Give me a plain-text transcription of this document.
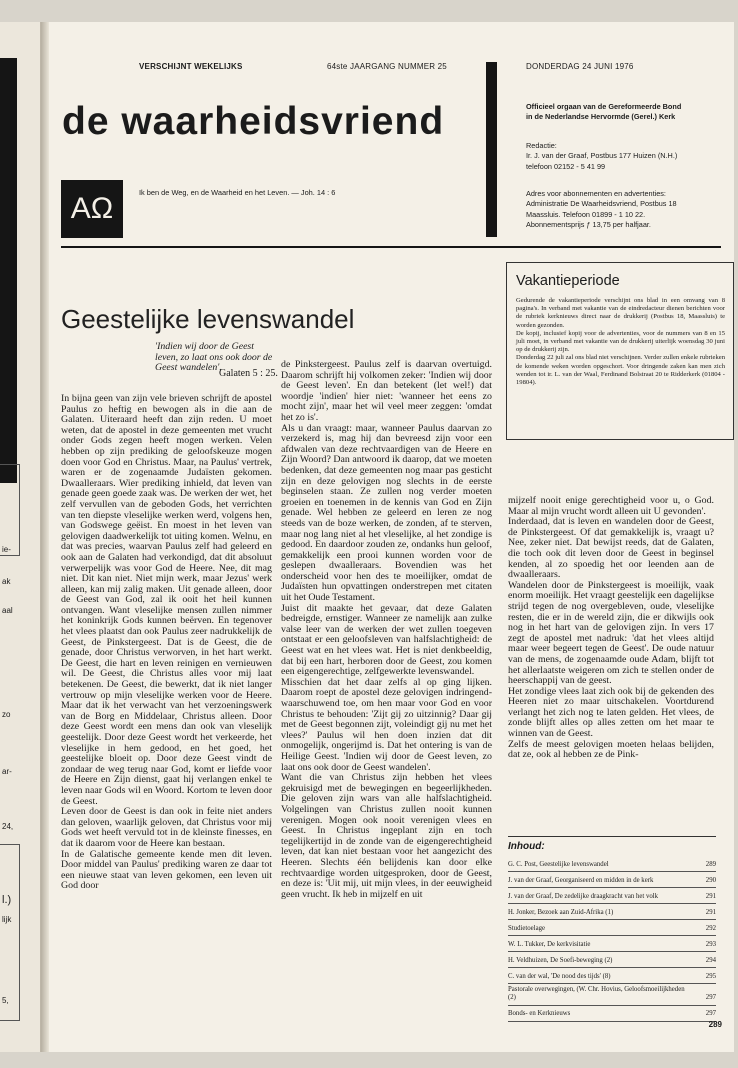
ie-
ak
aal
zo
ar-
24,
l.)
lijk
5,
VERSCHIJNT WEKELIJKS	64ste JAARGANG NUMMER 25	DONDERDAG 24 JUNI 1976
de waarheidsvriend
AΩ	Ik ben de Weg, en de Waarheid en het Leven. — Joh. 14 : 6
Officieel orgaan van de Gereformeerde Bond
in de Nederlandse Hervormde (Gerel.) Kerk
Redactie:
Ir. J. van der Graaf, Postbus 177 Huizen (N.H.)
telefoon 02152 - 5 41 99
Adres voor abonnementen en advertenties:
Administratie De Waarheidsvriend, Postbus 18
Maassluis. Telefoon 01899 - 1 10 22.
Abonnementsprijs ƒ 13,75 per halfjaar.
Vakantieperiode

Gedurende de vakantieperiode verschijnt ons blad in een omvang van 8 pagina's. In verband met vakantie van de eindredacteur dienen berichten voor de rubriek kerknieuws direct naar de drukkerij (Postbus 18, Maassluis) te worden gezonden.

De kopij, inclusief kopij voor de advertenties, voor de nummers van 8 en 15 juli moet, in verband met vakantie van de drukkerij uiterlijk woensdag 30 juni op de drukkerij zijn.

Donderdag 22 juli zal ons blad niet verschijnen. Verder zullen enkele rubrieken de komende weken worden opgeschort. Voor dringende zaken kan men zich wenden tot ir. L. van der Waal, Ferdinand Bolstraat 20 te Ridderkerk (01804 - 19804).

Geestelijke levenswandel
'Indien wij door de Geest leven, zo laat ons ook door de Geest wandelen'.
Galaten 5 : 25.

In bijna geen van zijn vele brieven schrijft de apostel Paulus zo heftig en bewogen als in die aan de Galaten. Uiteraard heeft dan zijn reden. U moet weten, dat de apostel in deze gemeenten met vrucht onder Gods zegen heeft mogen werken. Velen hebben op zijn prediking de geloofskeuze mogen doen voor God en Christus. Maar, na Paulus' vertrek, waren er de zogenaamde Judaïsten gekomen. Dwaalleraars. Wier prediking inhield, dat leven van genade geen goede zaak was. De werken der wet, het zelf vervullen van de geboden Gods, het verrichten van ten diepste vleselijke werken werd, volgens hen, van Godswege geëist. En moest in het leven van gelovigen daadwerkelijk tot uiting komen. Welnu, en dat was precies, waarvan Paulus zelf had geleerd en ook aan de Galaten had verkondigd, dat dit absoluut verwerpelijk was voor God de Heere. Nee, dit mag niet. Dit kan niet. Niet mijn werk, maar Jezus' werk alleen, kan mij zalig maken. Uit genade alleen, door de Geest van God, zal ik ooit het heil kunnen ontvangen. Want vleselijke mensen zullen nimmer het koninkrijk Gods kunnen beërven. En tegenover het vlees plaatst dan ook Paulus zeer nadrukkelijk de Geest, de Pinkstergeest. Dat is de Geest, die de genade, door Christus verworven, in het hart werkt. De Geest, die hart en leven reinigen en vernieuwen wil. De Geest, die Christus alles voor mij laat betekenen. De Geest, die bewerkt, dat ik niet langer vertrouw op mijn vleselijke werken voor de Heere. Maar dat ik het verwacht van het verzoeningswerk van de Borg en Middelaar, Christus alleen. Door deze Geest wordt een mens dan ook van vleselijk geestelijk. Door deze Geest wordt het verkeerde, het vleselijke in hem gedood, en het goed, het geestelijke bloeit op. Door deze Geest vindt de zondaar de weg terug naar God, komt er liefde voor de Heere en Zijn dienst, gaat hij verlangen enkel te leven naar Gods wil en Woord. Kortom te leven door de Geest.

Leven door de Geest is dan ook in feite niet anders dan geloven, waarlijk geloven, dat Christus voor mij Gods wet heeft vervuld tot in de kleinste finesses, en dat ik daarom voor de Heere kan bestaan.

In de Galatische gemeente kende men dit leven. Door middel van Paulus' prediking waren ze daar tot een nieuwe staat van leven gekomen, een leven uit God door

de Pinkstergeest. Paulus zelf is daarvan overtuigd. Daarom schrijft hij volkomen zeker: 'Indien wij door de Geest leven'. En dan betekent (let wel!) dat woordje 'indien' hier niet: 'wanneer het eens zo mocht zijn', maar het wil veel meer zeggen: 'omdat het zo is'.

Als u dan vraagt: maar, wanneer Paulus daarvan zo verzekerd is, mag hij dan bevreesd zijn voor een afdwalen van deze rechtvaardigen van de Heere en Zijn Woord? Dan antwoord ik daarop, dat we moeten bedenken, dat deze gemeenten nog maar pas gesticht zijn en deze gelovigen nog slechts in de eerste beginselen staan. Ze zullen nog verder moeten groeien en toenemen in de kennis van God en Zijn genade. Wel hebben ze geleerd en leren ze nog steeds van de boze werken, de zonden, af te sterven, maar nog lang niet al het vleselijke, al het zondige is gedood. En daardoor zouden ze, ondanks hun geloof, gemakkelijk een prooi kunnen worden voor de geslepen dwaalleraars. Bovendien was het onderscheid voor hen des te moeilijker, omdat de Judaïsten hun opvattingen onderstrepen met citaten uit het Oude Testament.

Juist dit maakte het gevaar, dat deze Galaten bedreigde, ernstiger. Wanneer ze namelijk aan zulke valse leer van de werken der wet zullen toegeven ontstaat er een geloofsleven van halfslachtigheid: de Geest wat en het vlees wat. Het is niet denkbeeldig, dat bij een hart, herboren door de Geest, zou komen een eigengerechtige, zelfgewerkte levenswandel.

Misschien dat het daar zelfs al op ging lijken. Daarom roept de apostel deze gelovigen indringend-waarschuwend toe, om hen maar voor God en voor Christus te behouden: 'Zijt gij zo uitzinnig? Daar gij met de Geest begonnen zijt, voleindigt gij nu met het vlees?' Paulus wil hen doen inzien dat dit onmogelijk, ongerijmd is. Dat het ontering is van de Heilige Geest. 'Indien wij door de Geest leven, zo laat ons ook door de Geest wandelen'.

Want die van Christus zijn hebben het vlees gekruisigd met de bewegingen en begeerlijkheden. Die geloven zijn wars van alle halfslachtigheid. Volgelingen van Christus zullen nooit kunnen verenigen. Mogen ook nooit verenigen vlees en Geest. In Christus ingeplant zijn en toch tegelijkertijd in de zonde van de eigengerechtigheid leven, dat kan niet bestaan voor het aangezicht des Heeren. Slechts één belijdenis kan door elke rechtvaardige worden uitgesproken, door de Geest, en deze is: 'Uit mij, uit mijn vlees, in der eeuwigheid geen vrucht. Ik heb in mijzelf en uit

mijzelf nooit enige gerechtigheid voor u, o God. Maar al mijn vrucht wordt alleen uit U gevonden'.

Inderdaad, dat is leven en wandelen door de Geest, de Pinkstergeest. Of dat gemakkelijk is, vraagt u? Nee, zeker niet. Dat bewijst reeds, dat de Galaten, die toch ook dit leven door de Geest in beginsel kenden, al zo spoedig het oor leenden aan de dwaalleraars.

Wandelen door de Pinkstergeest is moeilijk, vaak enorm moeilijk. Het vraagt geestelijk een dagelijkse strijd tegen de nog overgebleven, oude, vleselijke resten, die er in de wereld zijn, die er dikwijls ook nog in het hart van de gelovigen zijn. In vers 17 zegt de apostel met nadruk: 'dat het vlees altijd maar weer begeert tegen de Geest'. De oude natuur van de mens, de zogenaamde oude Adam, blijft tot het allerlaatste weigeren om zich te stellen onder de heerschappij van de geest.

Het zondige vlees laat zich ook bij de gekenden des Heeren niet zo maar uitschakelen. Voortdurend verlangt het zich nog te laten gelden. Het vlees, de zonde blijft alles op alles zetten om het maar te winnen van de Geest.

Zelfs de meest gelovigen moeten helaas belijden, dat ze, ook al hebben ze de Pink-

Inhoud:
G. C. Post, Geestelijke levenswandel	289
J. van der Graaf, Georganiseerd en midden in de kerk	290
J. van der Graaf, De zedelijke draagkracht van het volk	291
H. Jonker, Bezoek aan Zuid-Afrika (1)	291
Studietoelage	292
W. L. Tukker, De kerkvisitatie	293
H. Veldhuizen, De Soefi-beweging (2)	294
C. van der wal, 'De nood des tijds' (8)	295
Pastorale overwegingen, (W. Chr. Hovius, Geloofsmoeilijkheden (2)	297
Bonds- en Kerknieuws	297
289
